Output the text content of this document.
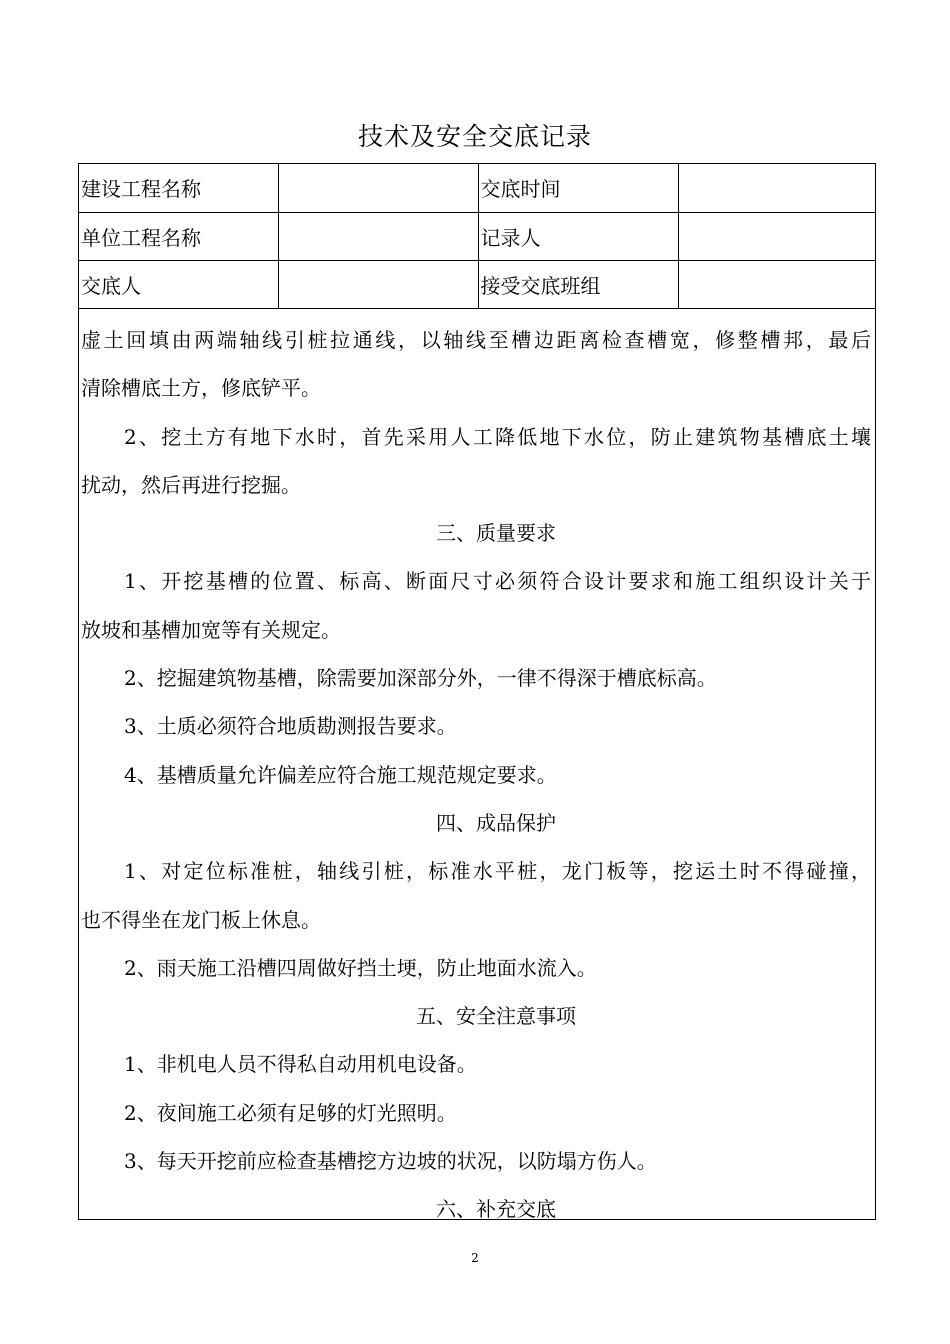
技术及安全交底记录
建设工程名称		交底时间	
单位工程名称		记录人	
交底人		接受交底班组	
虚土回填由两端轴线引桩拉通线，以轴线至槽边距离检查槽宽，修整槽邦，最后
清除槽底土方，修底铲平。
2、挖土方有地下水时，首先采用人工降低地下水位，防止建筑物基槽底土壤
扰动，然后再进行挖掘。
三、质量要求
1、开挖基槽的位置、标高、断面尺寸必须符合设计要求和施工组织设计关于
放坡和基槽加宽等有关规定。
2、挖掘建筑物基槽，除需要加深部分外，一律不得深于槽底标高。
3、土质必须符合地质勘测报告要求。
4、基槽质量允许偏差应符合施工规范规定要求。
四、成品保护
1、对定位标准桩，轴线引桩，标准水平桩，龙门板等，挖运土时不得碰撞，
也不得坐在龙门板上休息。
2、雨天施工沿槽四周做好挡土埂，防止地面水流入。
五、安全注意事项
1、非机电人员不得私自动用机电设备。
2、夜间施工必须有足够的灯光照明。
3、每天开挖前应检查基槽挖方边坡的状况，以防塌方伤人。
六、补充交底
2
